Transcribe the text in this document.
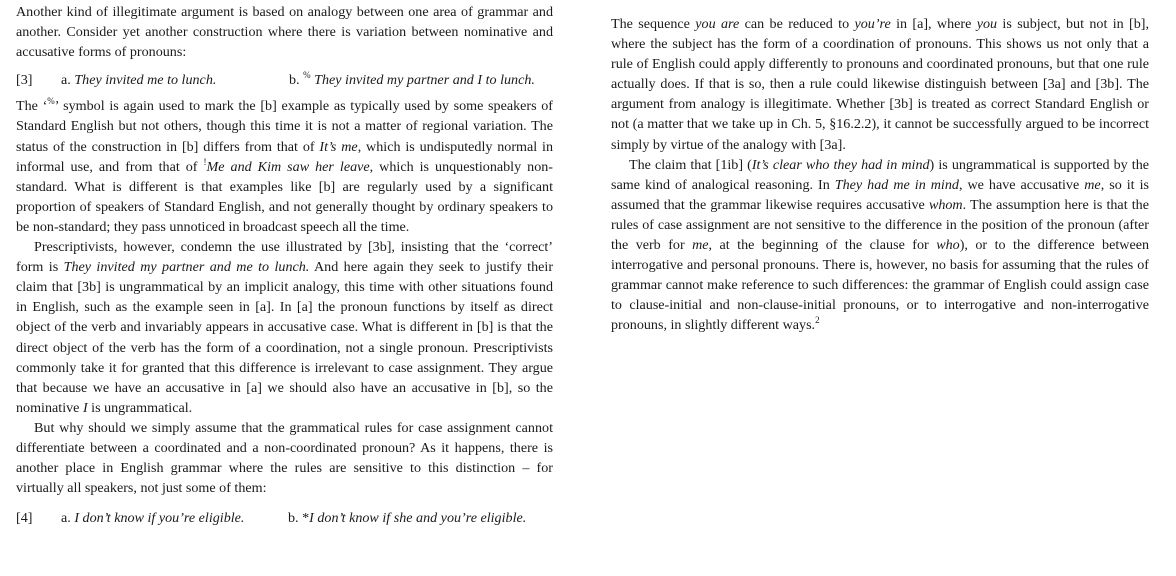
Another kind of illegitimate argument is based on analogy between one area of grammar and another. Consider yet another construction where there is variation between nominative and accusative forms of pronouns:

[3]	a. They invited me to lunch.	b. % They invited my partner and I to lunch.

The ‘%’ symbol is again used to mark the [b] example as typically used by some speakers of Standard English but not others, though this time it is not a matter of regional variation. The status of the construction in [b] differs from that of It’s me, which is undisputedly normal in informal use, and from that of !Me and Kim saw her leave, which is unquestionably non-standard. What is different is that examples like [b] are regularly used by a significant proportion of speakers of Standard English, and not generally thought by ordinary speakers to be non-standard; they pass unnoticed in broadcast speech all the time.

Prescriptivists, however, condemn the use illustrated by [3b], insisting that the ‘correct’ form is They invited my partner and me to lunch. And here again they seek to justify their claim that [3b] is ungrammatical by an implicit analogy, this time with other situations found in English, such as the example seen in [a]. In [a] the pronoun functions by itself as direct object of the verb and invariably appears in accusative case. What is different in [b] is that the direct object of the verb has the form of a coordination, not a single pronoun. Prescriptivists commonly take it for granted that this difference is irrelevant to case assignment. They argue that because we have an accusative in [a] we should also have an accusative in [b], so the nominative I is ungrammatical.

But why should we simply assume that the grammatical rules for case assignment cannot differentiate between a coordinated and a non-coordinated pronoun? As it happens, there is another place in English grammar where the rules are sensitive to this distinction – for virtually all speakers, not just some of them:

[4]	a. I don’t know if you’re eligible.	b. *I don’t know if she and you’re eligible.

The sequence you are can be reduced to you’re in [a], where you is subject, but not in [b], where the subject has the form of a coordination of pronouns. This shows us not only that a rule of English could apply differently to pronouns and coordinated pronouns, but that one rule actually does. If that is so, then a rule could likewise distinguish between [3a] and [3b]. The argument from analogy is illegitimate. Whether [3b] is treated as correct Standard English or not (a matter that we take up in Ch. 5, §16.2.2), it cannot be successfully argued to be incorrect simply by virtue of the analogy with [3a].

The claim that [1ib] (It’s clear who they had in mind) is ungrammatical is supported by the same kind of analogical reasoning. In They had me in mind, we have accusative me, so it is assumed that the grammar likewise requires accusative whom. The assumption here is that the rules of case assignment are not sensitive to the difference in the position of the pronoun (after the verb for me, at the beginning of the clause for who), or to the difference between interrogative and personal pronouns. There is, however, no basis for assuming that the rules of grammar cannot make reference to such differences: the grammar of English could assign case to clause-initial and non-clause-initial pronouns, or to interrogative and non-interrogative pronouns, in slightly different ways.$^2$
